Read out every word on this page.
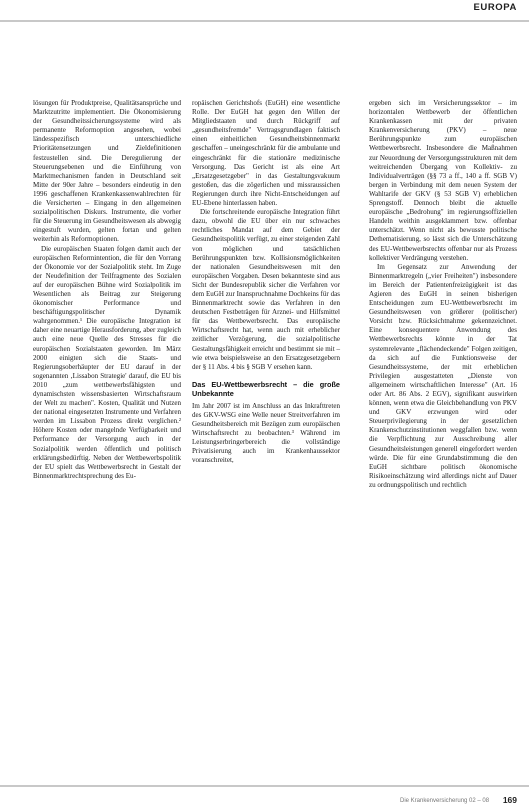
EUROPA

lösungen für Produktpreise, Qualitätsansprüche und Marktzutritte implementiert. Die Ökonomisierung der Gesundheitssicherungssysteme wird als permanente Reformoption angesehen, wobei ländesspezifisch unterschiedliche Prioritätensetzungen und Zieldefinitionen festzustellen sind. Die Deregulierung der Steuerungsebenen und die Einführung von Marktmechanismen fanden in Deutschland seit Mitte der 90er Jahre – besonders eindeutig in den 1996 geschaffenen Krankenkassenwahlrechten für die Versicherten – Eingang in den allgemeinen sozialpolitischen Diskurs. Instrumente, die vorher für die Steuerung im Gesundheitswesen als abwegig eingestuft wurden, gelten fortan und gelten weiterhin als Reformoptionen.

Die europäischen Staaten folgen damit auch der europäischen Reformintention, die für den Vorrang der Ökonomie vor der Sozialpolitik steht. Im Zuge der Neudefinition der Teilfragmente des Sozialen auf der europäischen Bühne wird Sozialpolitik im Wesentlichen als Beitrag zur Steigerung ökonomischer Performance und beschäftigungspolitischer Dynamik wahrgenommen.¹ Die europäische Integration ist daher eine neuartige Herausforderung, aber zugleich auch eine neue Quelle des Stresses für die europäischen Sozialstaaten geworden. Im März 2000 einigten sich die Staats- und Regierungsoberhäupter der EU darauf in der sogenannten ‚Lissabon Strategie' darauf, die EU bis 2010 „zum wettbewerbsfähigsten und dynamischsten wissensbasierten Wirtschaftsraum der Welt zu machen". Kosten, Qualität und Nutzen der national eingesetzten Instrumente und Verfahren werden im Lissabon Prozess direkt verglichen.² Höhere Kosten oder mangelnde Verfügbarkeit und Performance der Versorgung auch in der Sozialpolitik werden öffentlich und politisch erklärungsbedürftig. Neben der Wettbewerbspolitik der EU spielt das Wettbewerbsrecht in Gestalt der Binnenmarktrechtsprechung des Eu-

ropäischen Gerichtshofs (EuGH) eine wesentliche Rolle. Der EuGH hat gegen den Willen der Mitgliedstaaten und durch Rückgriff auf „gesundheitsfremde" Vertragsgrundlagen faktisch einen einheitlichen Gesundheitsbinnenmarkt geschaffen – uneingeschränkt für die ambulante und eingeschränkt für die stationäre medizinische Versorgung. Das Gericht ist als eine Art „Ersatzgesetzgeber" in das Gestaltungsvakuum gestoßen, das die zögerlichen und missraussichen Regierungen durch ihre Nicht-Entscheidungen auf EU-Ebene hinterlassen haben.

Die fortschreitende europäische Integration führt dazu, obwohl die EU über ein nur schwaches rechtliches Mandat auf dem Gebiet der Gesundheitspolitik verfügt, zu einer steigenden Zahl von möglichen und tatsächlichen Berührungspunkten bzw. Kollisionsmöglichkeiten der nationalen Gesundheitswesen mit den europäischen Vorgaben. Desen bekannteste sind aus Sicht der Bundesrepublik sicher die Verfahren vor dem EuGH zur Inanspruchnahme Dochkeins für das Binnenmarktrecht sowie das Verfahren in den deutschen Festbeträgen für Arznei- und Hilfsmittel für das Wettbewerbsrecht. Das europäische Wirtschaftsrecht hat, wenn auch mit erheblicher zeitlicher Verzögerung, die sozialpolitische Gestaltungsfähigkeit erreicht und bestimmt sie mit – wie etwa beispielsweise an den Ersatzgesetzgebern der § 11 Abs. 4 bis § SGB V ersehen kann.

Das EU-Wettbewerbsrecht – die große Unbekannte

Im Jahr 2007 ist im Anschluss an das Inkrafttreten des GKV-WSG eine Welle neuer Streitverfahren im Gesundheitsbereich mit Bezügen zum europäischen Wirtschaftsrecht zu beobachten.³ Während im Leistungserbringerbereich die vollständige Privatisierung auch im Krankenhaussektor voranschreitet,

ergeben sich im Versicherungssektor – im horizontalen Wettbewerb der öffentlichen Krankenkassen mit der privaten Krankenversicherung (PKV) – neue Berührungspunkte zum europäischen Wettbewerbsrecht. Insbesondere die Maßnahmen zur Neuordnung der Versorgungsstrukturen mit dem weitreichenden Übergang von Kollektiv- zu Individualverträgen (§§ 73 a ff., 140 a ff. SGB V) bergen in Verbindung mit dem neuen System der Wahltarife der GKV (§ 53 SGB V) erheblichen Sprengstoff. Dennoch bleibt die aktuelle europäische „Bedrohung" im regierungsoffiziellen Handeln weithin ausgeklammert bzw. offenbar unterschätzt. Wenn nicht als bewusste politische Dethematisierung, so lässt sich die Unterschätzung des EU-Wettbewerbsrechts offenbar nur als Prozess kollektiver Verdrängung verstehen.

Im Gegensatz zur Anwendung der Binnenmarktregeln („vier Freiheiten") insbesondere im Bereich der Patientenfreizügigkeit ist das Agieren des EuGH in seinen bisherigen Entscheidungen zum EU-Wettbewerbsrecht im Gesundheitswesen von größerer (politischer) Vorsicht bzw. Rücksichtnahme gekennzeichnet. Eine konsequentere Anwendung des Wettbewerbsrechts könnte in der Tat systemrelevante „flächendeckende" Folgen zeitigen, da sich auf die Funktionsweise der Gesundheitssysteme, der mit erheblichen Privilegien ausgestatteten „Dienste von allgemeinem wirtschaftlichen Interesse" (Art. 16 oder Art. 86 Abs. 2 EGV), signifikant auswirken können, wenn etwa die Gleichbehandlung von PKV und GKV erzwungen wird oder Steuerprivilegierung in der gesetzlichen Krankenschutzinstitutionen weggfallen bzw. wenn die Verpflichtung zur Ausschreibung aller Gesundheitsleistungen generell eingefordert werden würde. Die für eine Grundabstimmung die den EuGH sichtbare politisch ökonomische Risikoeinschätzung wird allerdings nicht auf Dauer zu ordnungspolitisch und rechtlich

Die Krankenversicherung 02 – 08 169
